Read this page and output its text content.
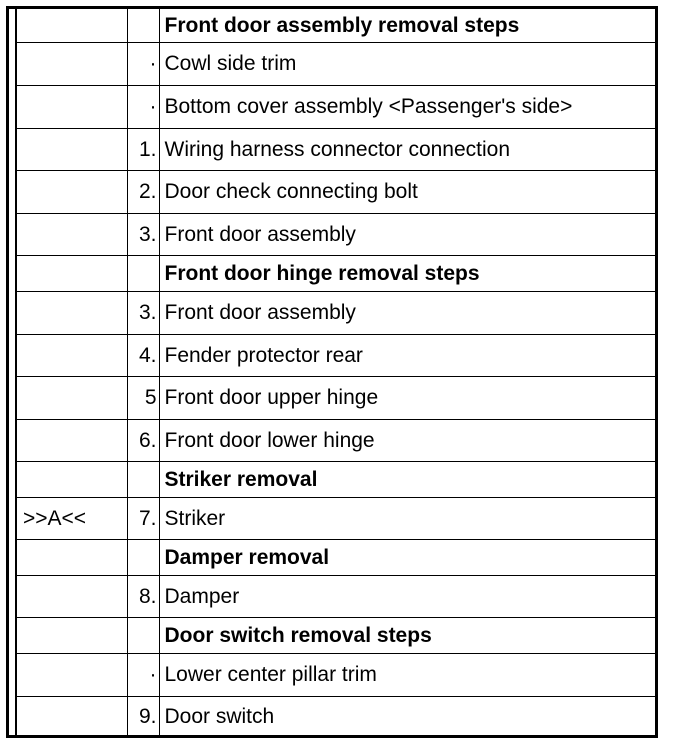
		Front door assembly removal steps
	·	Cowl side trim
	·	Bottom cover assembly <Passenger's side>
	1.	Wiring harness connector connection
	2.	Door check connecting bolt
	3.	Front door assembly
		Front door hinge removal steps
	3.	Front door assembly
	4.	Fender protector rear
	5	Front door upper hinge
	6.	Front door lower hinge
		Striker removal
>>A<<	7.	Striker
		Damper removal
	8.	Damper
		Door switch removal steps
	·	Lower center pillar trim
	9.	Door switch
